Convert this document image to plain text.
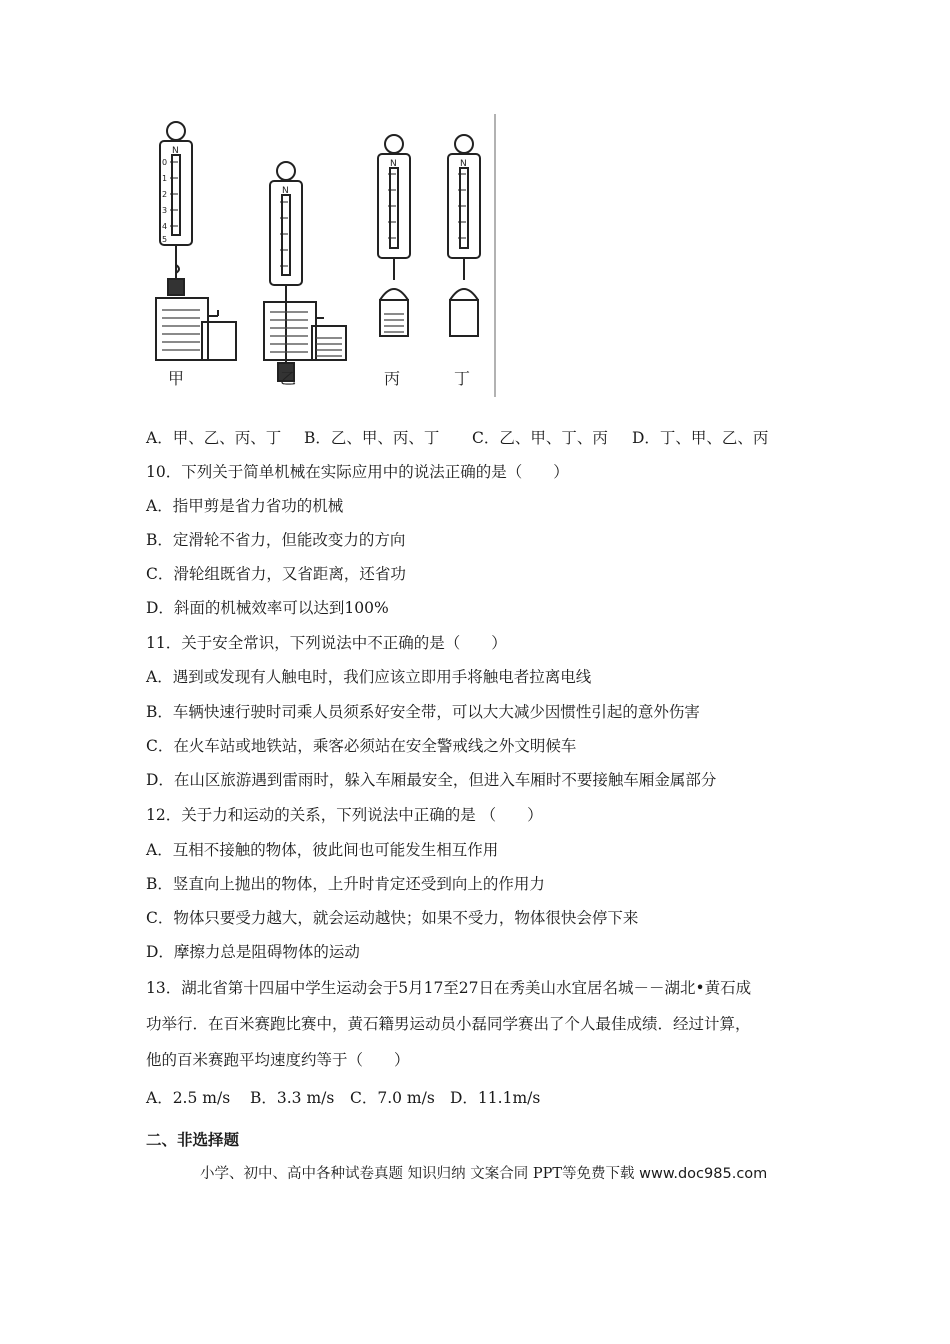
N
N
N	N
0
1
2
3
4
5
甲	乙	丙	丁
A．甲、乙、丙、丁 B．乙、甲、丙、丁 C．乙、甲、丁、丙 D．丁、甲、乙、丙
10．下列关于简单机械在实际应用中的说法正确的是（　　）
A．指甲剪是省力省功的机械
B．定滑轮不省力，但能改变力的方向
C．滑轮组既省力，又省距离，还省功
D．斜面的机械效率可以达到100%
11．关于安全常识，下列说法中不正确的是（　　）
A．遇到或发现有人触电时，我们应该立即用手将触电者拉离电线
B．车辆快速行驶时司乘人员须系好安全带，可以大大减少因惯性引起的意外伤害
C．在火车站或地铁站，乘客必须站在安全警戒线之外文明候车
D．在山区旅游遇到雷雨时，躲入车厢最安全，但进入车厢时不要接触车厢金属部分
12．关于力和运动的关系，下列说法中正确的是 （　　）
A．互相不接触的物体，彼此间也可能发生相互作用
B．竖直向上抛出的物体，上升时肯定还受到向上的作用力
C．物体只要受力越大，就会运动越快；如果不受力，物体很快会停下来
D．摩擦力总是阻碍物体的运动
13．湖北省第十四届中学生运动会于5月17至27日在秀美山水宜居名城－－湖北•黄石成
功举行．在百米赛跑比赛中，黄石籍男运动员小磊同学赛出了个人最佳成绩．经过计算，
他的百米赛跑平均速度约等于（　　）
A．2.5 m/s B．3.3 m/s C．7.0 m/s D．11.1m/s
二、非选择题
小学、初中、高中各种试卷真题 知识归纳 文案合同 PPT等免费下载 www.doc985.com
